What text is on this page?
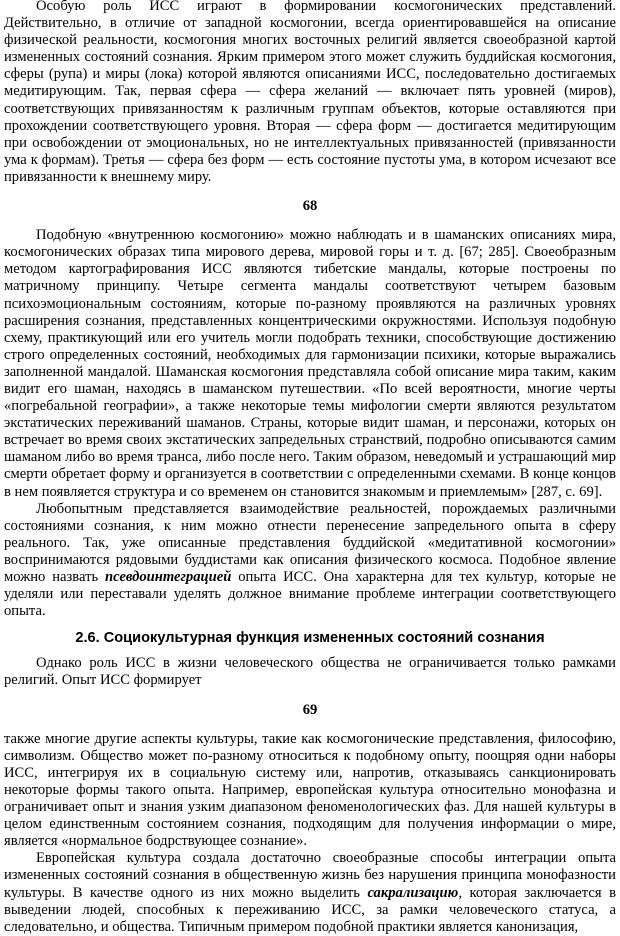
Особую роль ИСС играют в формировании космогонических представлений. Действительно, в отличие от западной космогонии, всегда ориентировавшейся на описание физической реальности, космогония многих восточных религий является своеобразной картой измененных состояний сознания. Ярким примером этого может служить буддийская космогония, сферы (рупа) и миры (лока) которой являются описаниями ИСС, последовательно достигаемых медитирующим. Так, первая сфера — сфера желаний — включает пять уровней (миров), соответствующих привязанностям к различным группам объектов, которые оставляются при прохождении соответствующего уровня. Вторая — сфера форм — достигается медитирующим при освобождении от эмоциональных, но не интеллектуальных привязанностей (привязанности ума к формам). Третья — сфера без форм — есть состояние пустоты ума, в котором исчезают все привязанности к внешнему миру.

68

Подобную «внутреннюю космогонию» можно наблюдать и в шаманских описаниях мира, космогонических образах типа мирового дерева, мировой горы и т. д. [67; 285]. Своеобразным методом картографирования ИСС являются тибетские мандалы, которые построены по матричному принципу. Четыре сегмента мандалы соответствуют четырем базовым психоэмоциональным состояниям, которые по-разному проявляются на различных уровнях расширения сознания, представленных концентрическими окружностями. Используя подобную схему, практикующий или его учитель могли подобрать техники, способствующие достижению строго определенных состояний, необходимых для гармонизации психики, которые выражались заполненной мандалой. Шаманская космогония представляла собой описание мира таким, каким видит его шаман, находясь в шаманском путешествии. «По всей вероятности, многие черты «погребальной географии», а также некоторые темы мифологии смерти являются результатом экстатических переживаний шаманов. Страны, которые видит шаман, и персонажи, которых он встречает во время своих экстатических запредельных странствий, подробно описываются самим шаманом либо во время транса, либо после него. Таким образом, неведомый и устрашающий мир смерти обретает форму и организуется в соответствии с определенными схемами. В конце концов в нем появляется структура и со временем он становится знакомым и приемлемым» [287, с. 69].

Любопытным представляется взаимодействие реальностей, порождаемых различными состояниями сознания, к ним можно отнести перенесение запредельного опыта в сферу реального. Так, уже описанные представления буддийской «медитативной космогонии» воспринимаются рядовыми буддистами как описания физического космоса. Подобное явление можно назвать псевдоинтеграцией опыта ИСС. Она характерна для тех культур, которые не уделяли или переставали уделять должное внимание проблеме интеграции соответствующего опыта.

2.6. Социокультурная функция измененных состояний сознания

Однако роль ИСС в жизни человеческого общества не ограничивается только рамками религий. Опыт ИСС формирует

69

также многие другие аспекты культуры, такие как космогонические представления, философию, символизм. Общество может по-разному относиться к подобному опыту, поощряя одни наборы ИСС, интегрируя их в социальную систему или, напротив, отказываясь санкционировать некоторые формы такого опыта. Например, европейская культура относительно монофазна и ограничивает опыт и знания узким диапазоном феноменологических фаз. Для нашей культуры в целом единственным состоянием сознания, подходящим для получения информации о мире, является «нормальное бодрствующее сознание».

Европейская культура создала достаточно своеобразные способы интеграции опыта измененных состояний сознания в общественную жизнь без нарушения принципа монофазности культуры. В качестве одного из них можно выделить сакрализацию, которая заключается в выведении людей, способных к переживанию ИСС, за рамки человеческого статуса, а следовательно, и общества. Типичным примером подобной практики является канонизация,
